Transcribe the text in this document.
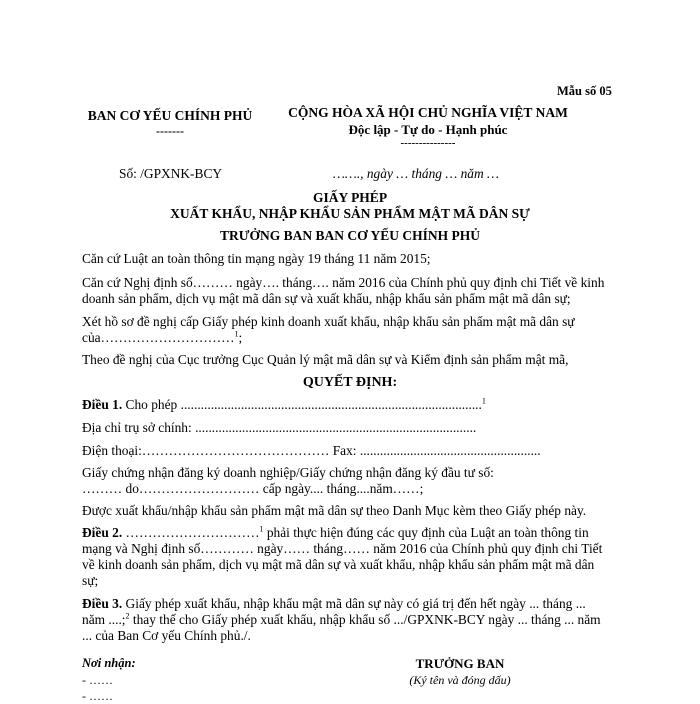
Mẫu số 05
BAN CƠ YẾU CHÍNH PHỦ
-------
CỘNG HÒA XÃ HỘI CHỦ NGHĨA VIỆT NAM
Độc lập - Tự do - Hạnh phúc
---------------
Số: /GPXNK-BCY	……., ngày … tháng … năm …
GIẤY PHÉP
XUẤT KHẨU, NHẬP KHẨU SẢN PHẨM MẬT MÃ DÂN SỰ
TRƯỞNG BAN BAN CƠ YẾU CHÍNH PHỦ
Căn cứ Luật an toàn thông tin mạng ngày 19 tháng 11 năm 2015;
Căn cứ Nghị định số……… ngày…. tháng…. năm 2016 của Chính phủ quy định chi Tiết về kinh
doanh sản phẩm, dịch vụ mật mã dân sự và xuất khẩu, nhập khẩu sản phẩm mật mã dân sự;
Xét hồ sơ đề nghị cấp Giấy phép kinh doanh xuất khẩu, nhập khẩu sản phẩm mật mã dân sự
của…………………………$^1$;
Theo đề nghị của Cục trưởng Cục Quản lý mật mã dân sự và Kiểm định sản phẩm mật mã,
QUYẾT ĐỊNH:
Điều 1. Cho phép ..........................................................................................$^1$
Địa chỉ trụ sở chính: ....................................................................................
Điện thoại:…………………………………… Fax: ......................................................
Giấy chứng nhận đăng ký doanh nghiệp/Giấy chứng nhận đăng ký đầu tư số:
……… do……………………… cấp ngày.... tháng....năm……;
Được xuất khẩu/nhập khẩu sản phẩm mật mã dân sự theo Danh Mục kèm theo Giấy phép này.
Điều 2. …………………………$^1$ phải thực hiện đúng các quy định của Luật an toàn thông tin
mạng và Nghị định số………… ngày…… tháng…… năm 2016 của Chính phủ quy định chi Tiết
về kinh doanh sản phẩm, dịch vụ mật mã dân sự và xuất khẩu, nhập khẩu sản phẩm mật mã dân
sự;
Điều 3. Giấy phép xuất khẩu, nhập khẩu mật mã dân sự này có giá trị đến hết ngày ... tháng ...
năm ....;$^2$ thay thế cho Giấy phép xuất khẩu, nhập khẩu số .../GPXNK-BCY ngày ... tháng ... năm
... của Ban Cơ yếu Chính phủ./.
Nơi nhận:
- ……
- ……
TRƯỞNG BAN
(Ký tên và đóng dấu)
